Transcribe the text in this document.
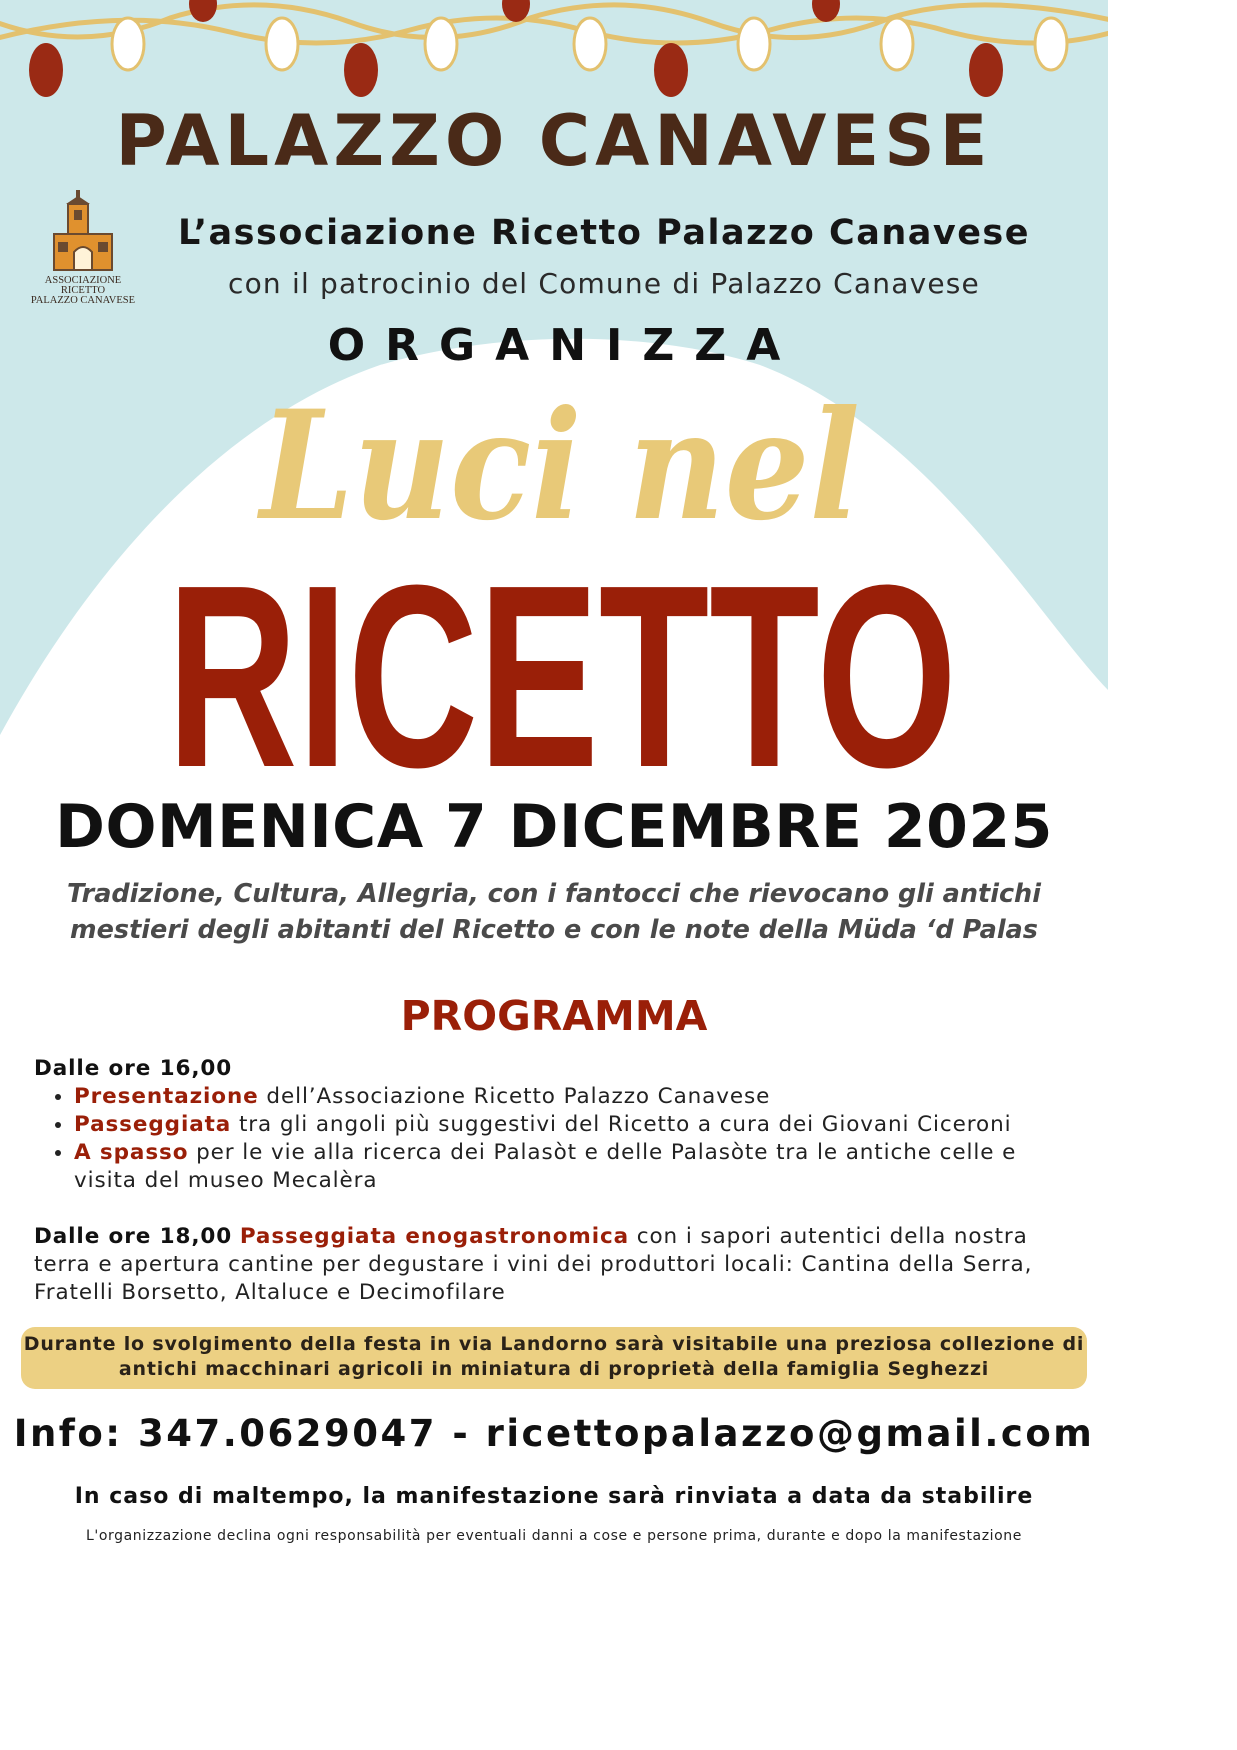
PALAZZO CANAVESE
ASSOCIAZIONE
RICETTO
PALAZZO CANAVESE

L’associazione Ricetto Palazzo Canavese

con il patrocinio del Comune di Palazzo Canavese

ORGANIZZA

Luci nel
RICETTO

DOMENICA 7 DICEMBRE 2025

Tradizione, Cultura, Allegria, con i fantocci che rievocano gli antichi
mestieri degli abitanti del Ricetto e con le note della Müda ‘d Palas

PROGRAMMA

Dalle ore 16,00
• Presentazione dell’Associazione Ricetto Palazzo Canavese
• Passeggiata tra gli angoli più suggestivi del Ricetto a cura dei Giovani Ciceroni
• A spasso per le vie alla ricerca dei Palasòt e delle Palasòte tra le antiche celle e visita del museo Mecalèra
Dalle ore 18,00 Passeggiata enogastronomica con i sapori autentici della nostra terra e apertura cantine per degustare i vini dei produttori locali: Cantina della Serra, Fratelli Borsetto, Altaluce e Decimofilare
Durante lo svolgimento della festa in via Landorno sarà visitabile una preziosa collezione di
antichi macchinari agricoli in miniatura di proprietà della famiglia Seghezzi

Info: 347.0629047 - ricettopalazzo@gmail.com

In caso di maltempo, la manifestazione sarà rinviata a data da stabilire

L'organizzazione declina ogni responsabilità per eventuali danni a cose e persone prima, durante e dopo la manifestazione
